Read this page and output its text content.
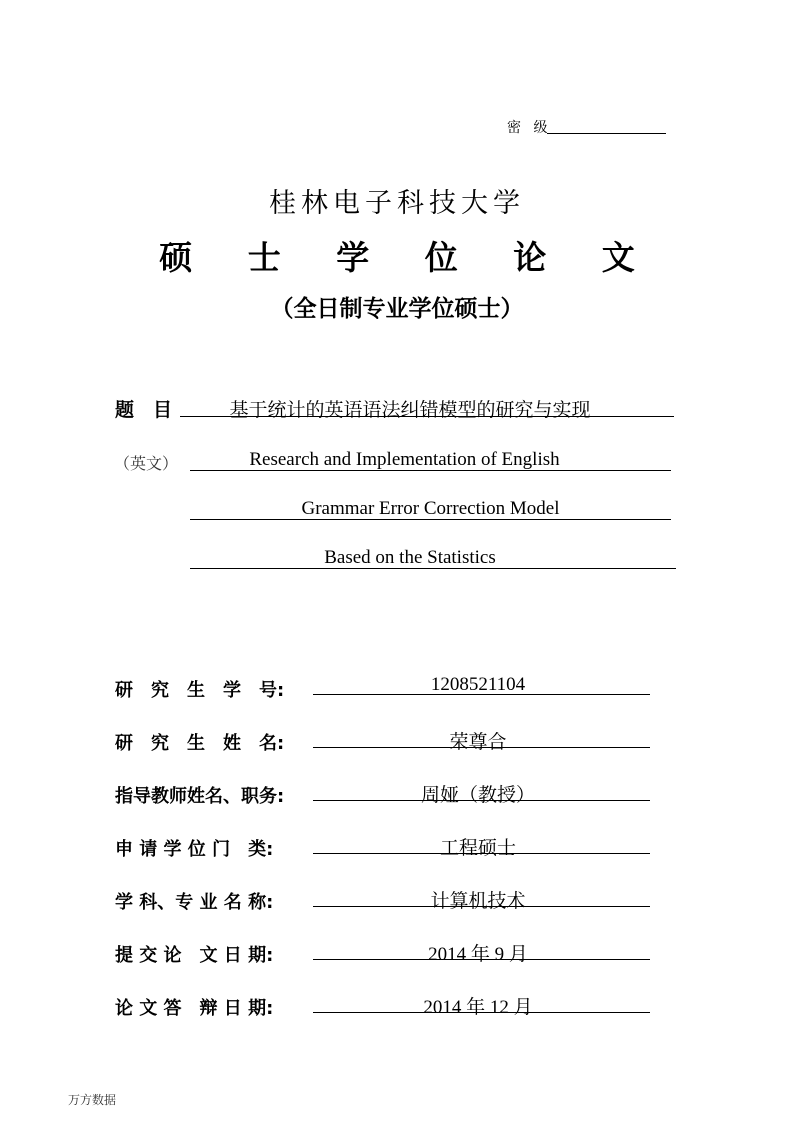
密 级
桂林电子科技大学
硕 士 学 位 论 文
（全日制专业学位硕士）
题　目	基于统计的英语语法纠错模型的研究与实现
（英文）	Research and Implementation of English
Grammar Error Correction Model
Based on the Statistics
研　究　生　学　号:	1208521104
研　究　生　姓　名:	荣尊合
指导教师姓名、职务:	周娅（教授）
申 请 学 位 门　类:	工程硕士
学 科、专 业 名 称:	计算机技术
提 交 论　文 日 期:	2014 年 9 月
论 文 答　辩 日 期:	2014 年 12 月
万方数据
